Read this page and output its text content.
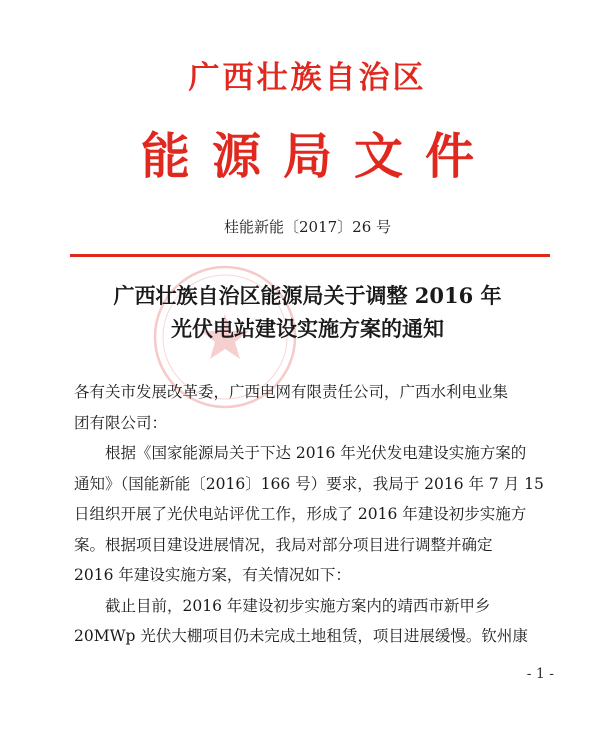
广西壮族自治区
能源局文件
桂能新能〔2017〕26 号
广西壮族自治区能源局关于调整 2016 年
光伏电站建设实施方案的通知

各有关市发展改革委，广西电网有限责任公司，广西水利电业集
团有限公司：

根据《国家能源局关于下达 2016 年光伏发电建设实施方案的
通知》（国能新能〔2016〕166 号）要求，我局于 2016 年 7 月 15
日组织开展了光伏电站评优工作，形成了 2016 年建设初步实施方
案。根据项目建设进展情况，我局对部分项目进行调整并确定
2016 年建设实施方案，有关情况如下：

截止目前，2016 年建设初步实施方案内的靖西市新甲乡
20MWp 光伏大棚项目仍未完成土地租赁，项目进展缓慢。钦州康

- 1 -
